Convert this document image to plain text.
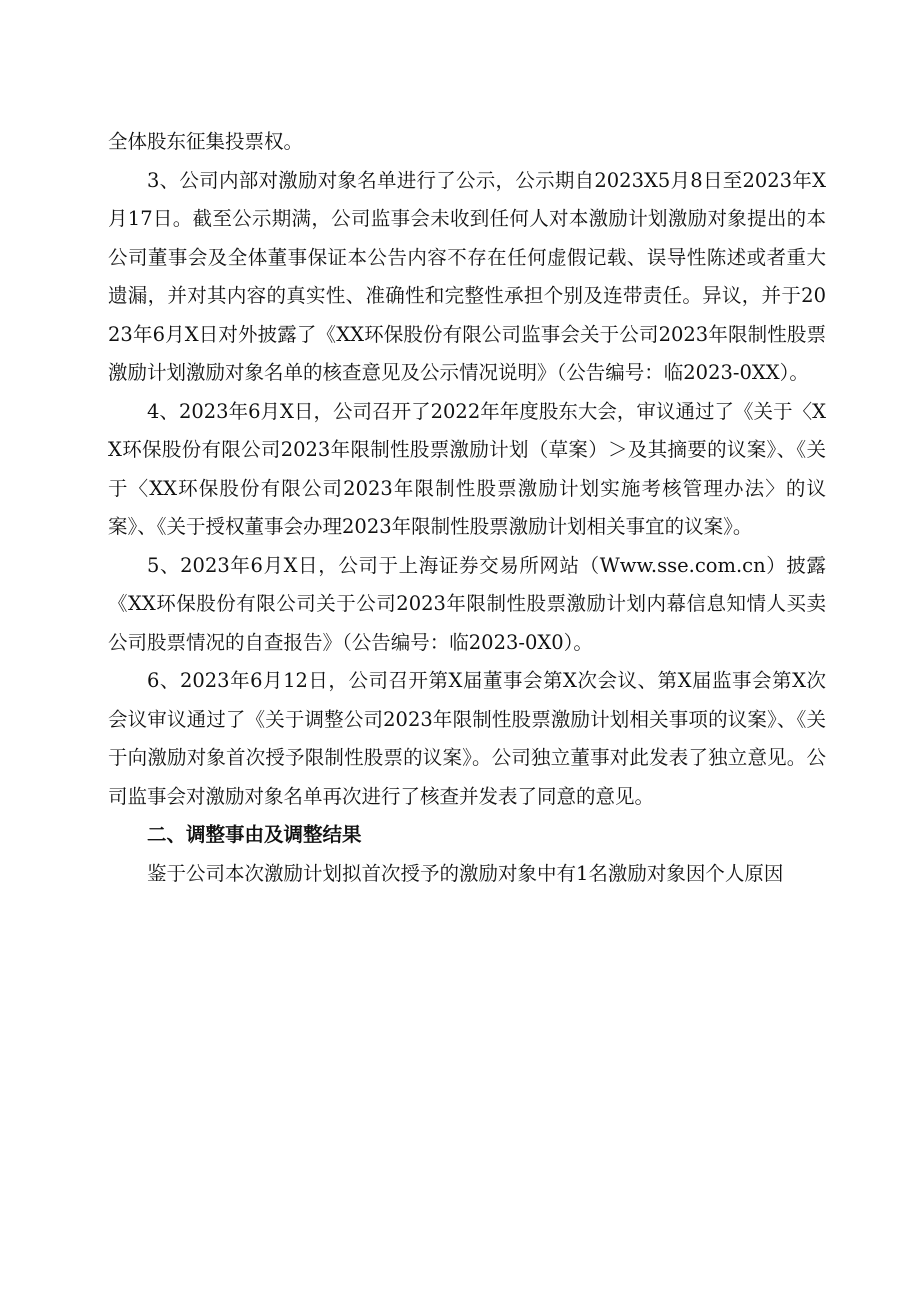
全体股东征集投票权。

3、公司内部对激励对象名单进行了公示，公示期自2023X5月8日至2023年X月17日。截至公示期满，公司监事会未收到任何人对本激励计划激励对象提出的本公司董事会及全体董事保证本公告内容不存在任何虚假记载、误导性陈述或者重大遗漏，并对其内容的真实性、准确性和完整性承担个别及连带责任。异议，并于2023年6月X日对外披露了《XX环保股份有限公司监事会关于公司2023年限制性股票激励计划激励对象名单的核查意见及公示情况说明》（公告编号：临2023-0XX）。

4、2023年6月X日，公司召开了2022年年度股东大会，审议通过了《关于〈XX环保股份有限公司2023年限制性股票激励计划（草案）＞及其摘要的议案》、《关于〈XX环保股份有限公司2023年限制性股票激励计划实施考核管理办法〉的议案》、《关于授权董事会办理2023年限制性股票激励计划相关事宜的议案》。

5、2023年6月X日，公司于上海证券交易所网站（Www.sse.com.cn）披露《XX环保股份有限公司关于公司2023年限制性股票激励计划内幕信息知情人买卖公司股票情况的自查报告》（公告编号：临2023-0X0）。

6、2023年6月12日，公司召开第X届董事会第X次会议、第X届监事会第X次会议审议通过了《关于调整公司2023年限制性股票激励计划相关事项的议案》、《关于向激励对象首次授予限制性股票的议案》。公司独立董事对此发表了独立意见。公司监事会对激励对象名单再次进行了核查并发表了同意的意见。

二、调整事由及调整结果

鉴于公司本次激励计划拟首次授予的激励对象中有1名激励对象因个人原因
